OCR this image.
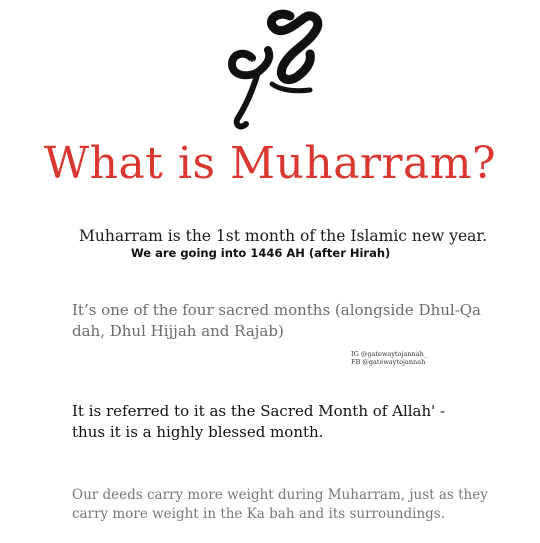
الله
What is Muharram?
Muharram is the 1st month of the Islamic new year.
We are going into 1446 AH (after Hirah)
It’s one of the four sacred months (alongside Dhul-Qa dah, Dhul Hijjah and Rajab)
IG @gatewaytojannah_
FB @gatewaytojannah
It is referred to it as the Sacred Month of Allah' - thus it is a highly blessed month.
Our deeds carry more weight during Muharram, just as they carry more weight in the Ka bah and its surroundings.
